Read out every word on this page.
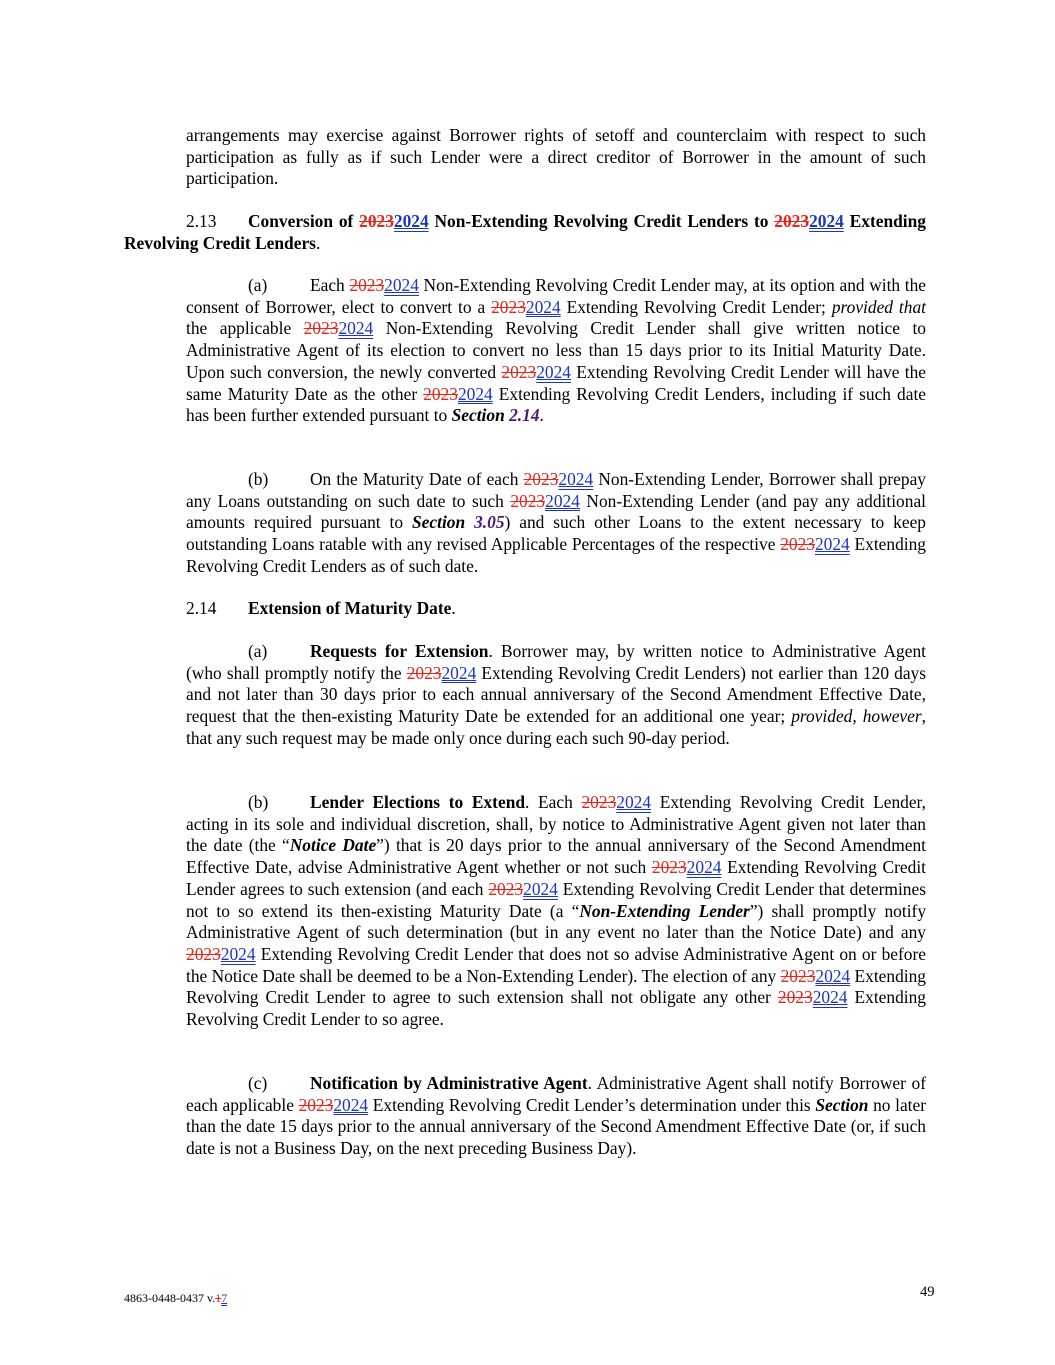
arrangements may exercise against Borrower rights of setoff and counterclaim with respect to such participation as fully as if such Lender were a direct creditor of Borrower in the amount of such participation.

2.13 Conversion of 20232024 Non-Extending Revolving Credit Lenders to 20232024 Extending Revolving Credit Lenders.

(a) Each 20232024 Non-Extending Revolving Credit Lender may, at its option and with the consent of Borrower, elect to convert to a 20232024 Extending Revolving Credit Lender; provided that the applicable 20232024 Non-Extending Revolving Credit Lender shall give written notice to Administrative Agent of its election to convert no less than 15 days prior to its Initial Maturity Date. Upon such conversion, the newly converted 20232024 Extending Revolving Credit Lender will have the same Maturity Date as the other 20232024 Extending Revolving Credit Lenders, including if such date has been further extended pursuant to Section 2.14.

(b) On the Maturity Date of each 20232024 Non-Extending Lender, Borrower shall prepay any Loans outstanding on such date to such 20232024 Non-Extending Lender (and pay any additional amounts required pursuant to Section 3.05) and such other Loans to the extent necessary to keep outstanding Loans ratable with any revised Applicable Percentages of the respective 20232024 Extending Revolving Credit Lenders as of such date.

2.14 Extension of Maturity Date.

(a) Requests for Extension. Borrower may, by written notice to Administrative Agent (who shall promptly notify the 20232024 Extending Revolving Credit Lenders) not earlier than 120 days and not later than 30 days prior to each annual anniversary of the Second Amendment Effective Date, request that the then-existing Maturity Date be extended for an additional one year; provided, however, that any such request may be made only once during each such 90-day period.

(b) Lender Elections to Extend. Each 20232024 Extending Revolving Credit Lender, acting in its sole and individual discretion, shall, by notice to Administrative Agent given not later than the date (the “Notice Date”) that is 20 days prior to the annual anniversary of the Second Amendment Effective Date, advise Administrative Agent whether or not such 20232024 Extending Revolving Credit Lender agrees to such extension (and each 20232024 Extending Revolving Credit Lender that determines not to so extend its then-existing Maturity Date (a “Non-Extending Lender”) shall promptly notify Administrative Agent of such determination (but in any event no later than the Notice Date) and any 20232024 Extending Revolving Credit Lender that does not so advise Administrative Agent on or before the Notice Date shall be deemed to be a Non-Extending Lender). The election of any 20232024 Extending Revolving Credit Lender to agree to such extension shall not obligate any other 20232024 Extending Revolving Credit Lender to so agree.

(c) Notification by Administrative Agent. Administrative Agent shall notify Borrower of each applicable 20232024 Extending Revolving Credit Lender’s determination under this Section no later than the date 15 days prior to the annual anniversary of the Second Amendment Effective Date (or, if such date is not a Business Day, on the next preceding Business Day).

4863-0448-0437 v.17	49
